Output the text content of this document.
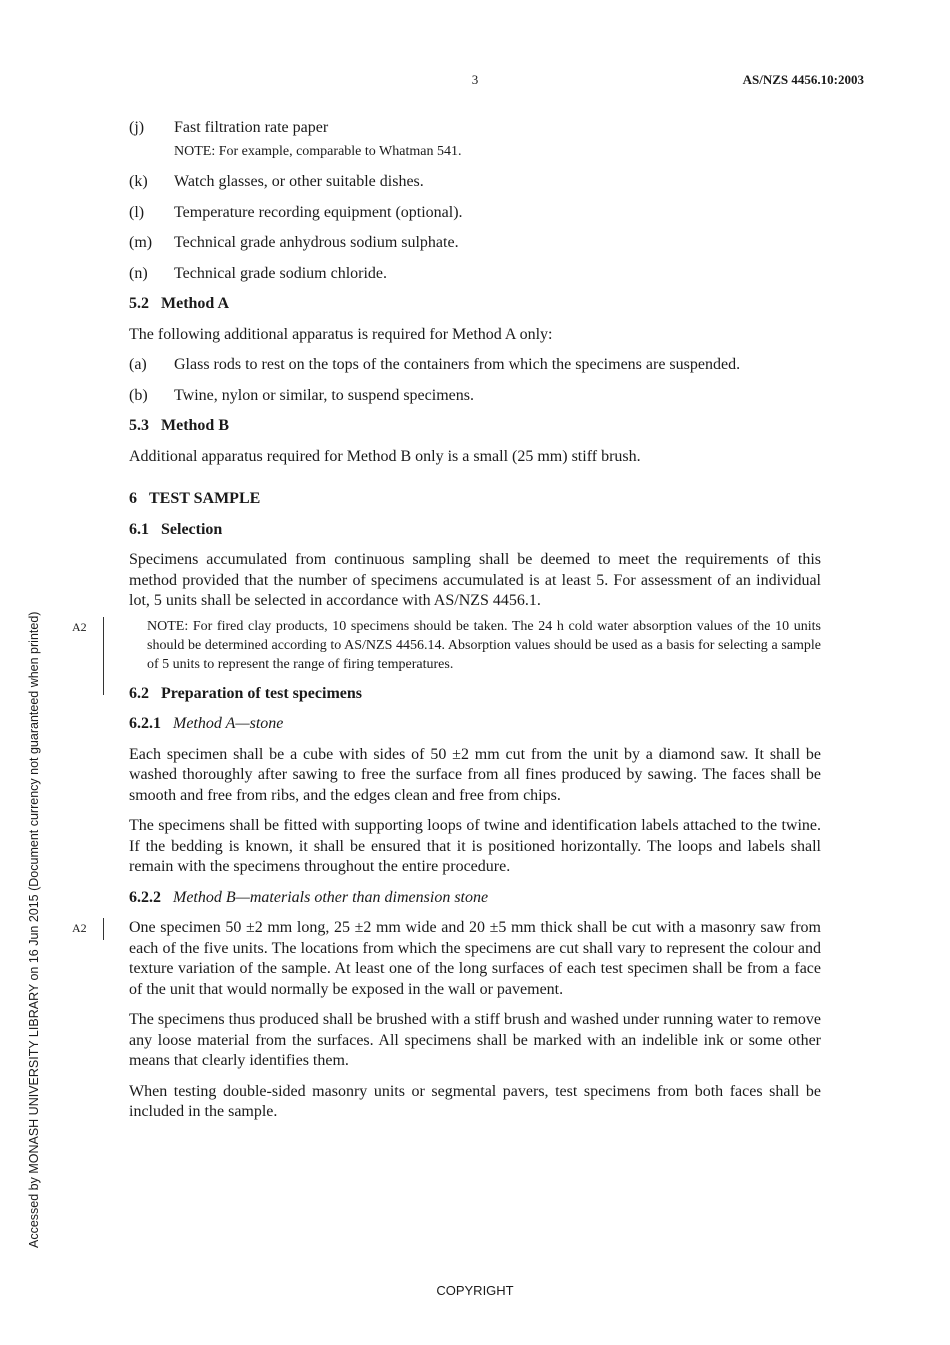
3	AS/NZS 4456.10:2003
Accessed by MONASH UNIVERSITY LIBRARY on 16 Jun 2015 (Document currency not guaranteed when printed)
(j)	Fast filtration rate paper
NOTE: For example, comparable to Whatman 541.
(k)	Watch glasses, or other suitable dishes.
(l)	Temperature recording equipment (optional).
(m)	Technical grade anhydrous sodium sulphate.
(n)	Technical grade sodium chloride.
5.2 Method A
The following additional apparatus is required for Method A only:
(a)	Glass rods to rest on the tops of the containers from which the specimens are suspended.
(b)	Twine, nylon or similar, to suspend specimens.
5.3 Method B
Additional apparatus required for Method B only is a small (25 mm) stiff brush.
6 TEST SAMPLE
6.1 Selection
Specimens accumulated from continuous sampling shall be deemed to meet the requirements of this method provided that the number of specimens accumulated is at least 5. For assessment of an individual lot, 5 units shall be selected in accordance with AS/NZS 4456.1.
A2	NOTE: For fired clay products, 10 specimens should be taken. The 24 h cold water absorption values of the 10 units should be determined according to AS/NZS 4456.14. Absorption values should be used as a basis for selecting a sample of 5 units to represent the range of firing temperatures.
6.2 Preparation of test specimens
6.2.1 Method A—stone
Each specimen shall be a cube with sides of 50 ±2 mm cut from the unit by a diamond saw. It shall be washed thoroughly after sawing to free the surface from all fines produced by sawing. The faces shall be smooth and free from ribs, and the edges clean and free from chips.
The specimens shall be fitted with supporting loops of twine and identification labels attached to the twine. If the bedding is known, it shall be ensured that it is positioned horizontally. The loops and labels shall remain with the specimens throughout the entire procedure.
6.2.2 Method B—materials other than dimension stone
A2	One specimen 50 ±2 mm long, 25 ±2 mm wide and 20 ±5 mm thick shall be cut with a masonry saw from each of the five units. The locations from which the specimens are cut shall vary to represent the colour and texture variation of the sample. At least one of the long surfaces of each test specimen shall be from a face of the unit that would normally be exposed in the wall or pavement.
The specimens thus produced shall be brushed with a stiff brush and washed under running water to remove any loose material from the surfaces. All specimens shall be marked with an indelible ink or some other means that clearly identifies them.
When testing double-sided masonry units or segmental pavers, test specimens from both faces shall be included in the sample.
COPYRIGHT
